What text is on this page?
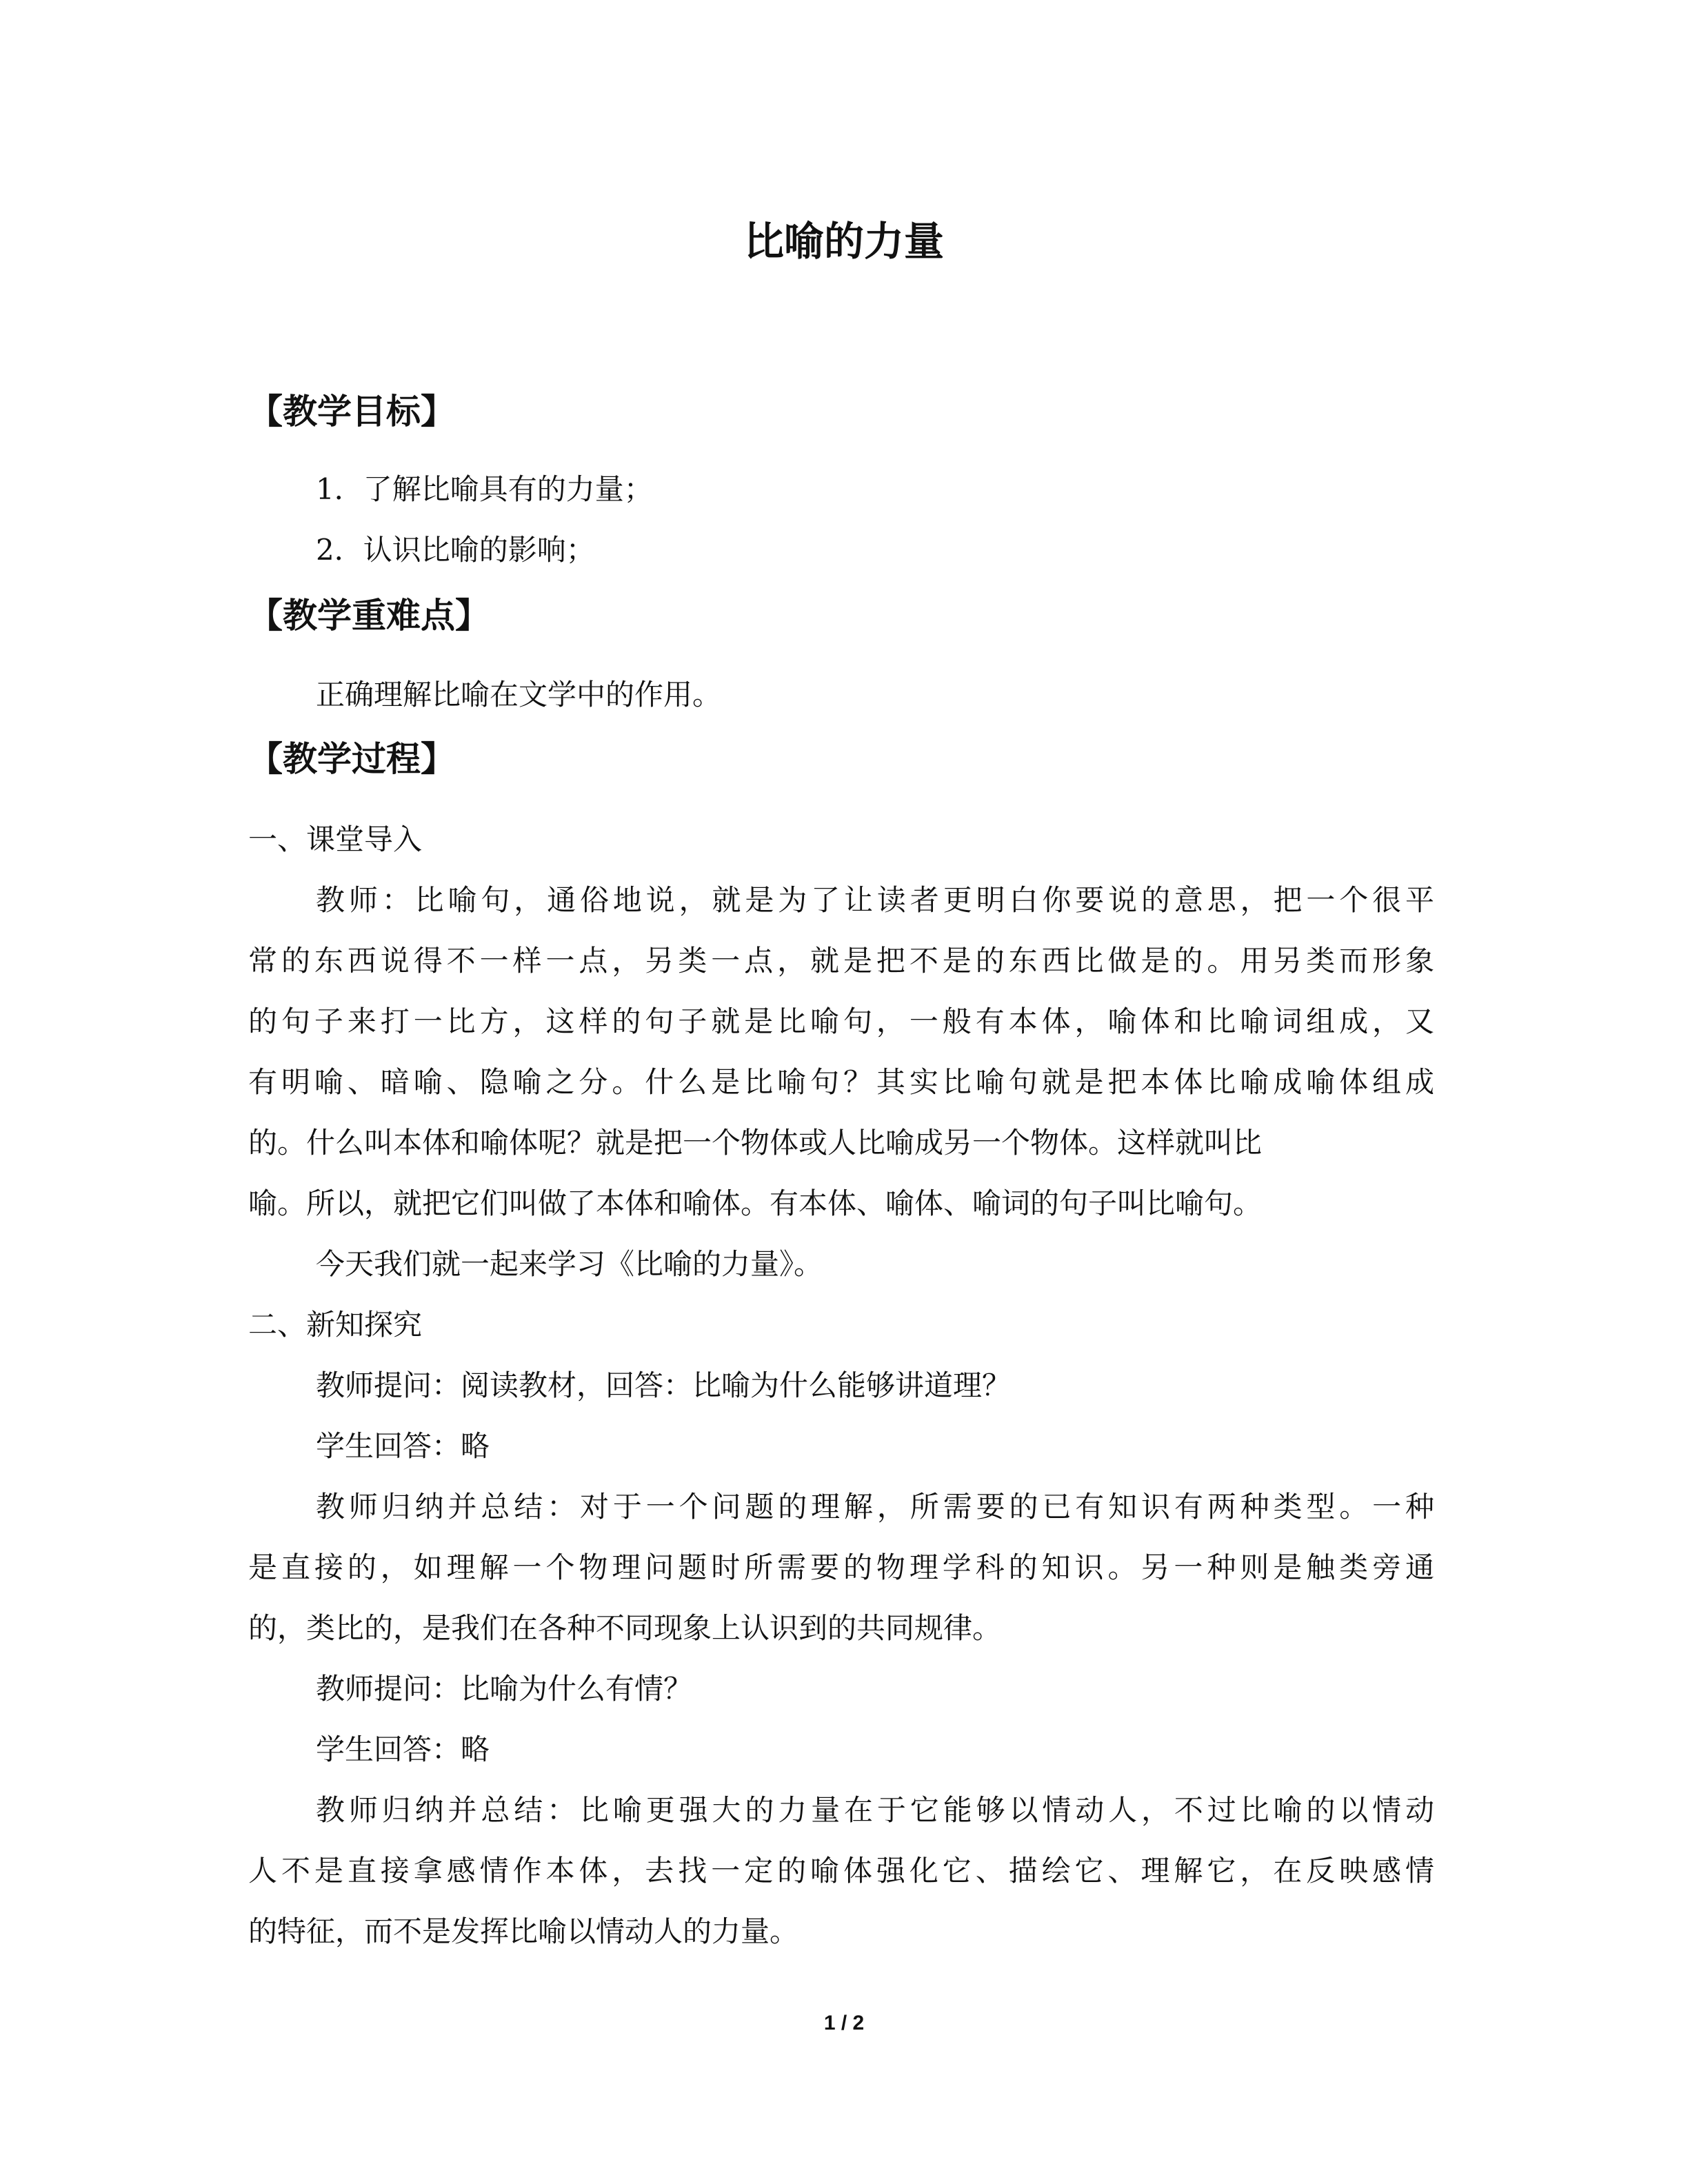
比喻的力量
【教学目标】

1．了解比喻具有的力量；

2．认识比喻的影响；

【教学重难点】

正确理解比喻在文学中的作用。

【教学过程】

一、课堂导入

教师：比喻句，通俗地说，就是为了让读者更明白你要说的意思，把一个很平

常的东西说得不一样一点，另类一点，就是把不是的东西比做是的。用另类而形象

的句子来打一比方，这样的句子就是比喻句，一般有本体，喻体和比喻词组成，又

有明喻、暗喻、隐喻之分。什么是比喻句？其实比喻句就是把本体比喻成喻体组成

的。什么叫本体和喻体呢？就是把一个物体或人比喻成另一个物体。这样就叫比

喻。所以，就把它们叫做了本体和喻体。有本体、喻体、喻词的句子叫比喻句。

今天我们就一起来学习《比喻的力量》。

二、新知探究

教师提问：阅读教材，回答：比喻为什么能够讲道理？

学生回答：略

教师归纳并总结：对于一个问题的理解，所需要的已有知识有两种类型。一种

是直接的，如理解一个物理问题时所需要的物理学科的知识。另一种则是触类旁通

的，类比的，是我们在各种不同现象上认识到的共同规律。

教师提问：比喻为什么有情？

学生回答：略

教师归纳并总结：比喻更强大的力量在于它能够以情动人，不过比喻的以情动

人不是直接拿感情作本体，去找一定的喻体强化它、描绘它、理解它，在反映感情

的特征，而不是发挥比喻以情动人的力量。

1 / 2
